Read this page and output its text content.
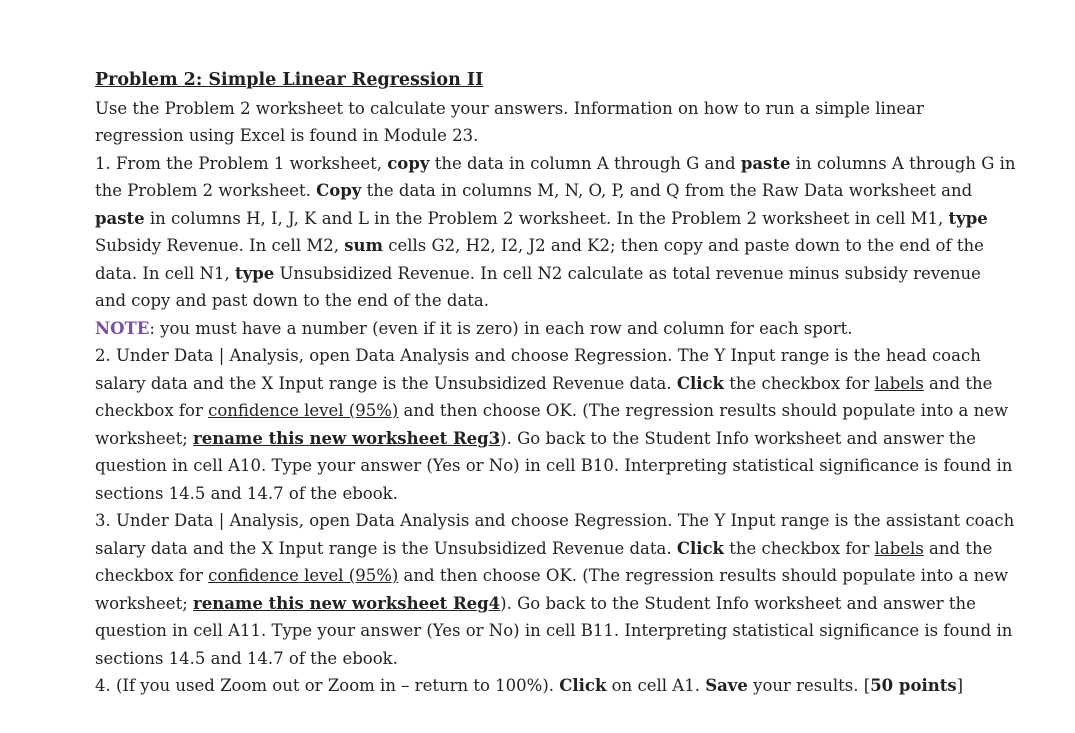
Problem 2: Simple Linear Regression II

Use the Problem 2 worksheet to calculate your answers. Information on how to run a simple linear regression using Excel is found in Module 23.

1. From the Problem 1 worksheet, copy the data in column A through G and paste in columns A through G in the Problem 2 worksheet. Copy the data in columns M, N, O, P, and Q from the Raw Data worksheet and paste in columns H, I, J, K and L in the Problem 2 worksheet. In the Problem 2 worksheet in cell M1, type Subsidy Revenue. In cell M2, sum cells G2, H2, I2, J2 and K2; then copy and paste down to the end of the data. In cell N1, type Unsubsidized Revenue. In cell N2 calculate as total revenue minus subsidy revenue and copy and past down to the end of the data.

NOTE: you must have a number (even if it is zero) in each row and column for each sport.

2. Under Data | Analysis, open Data Analysis and choose Regression. The Y Input range is the head coach salary data and the X Input range is the Unsubsidized Revenue data. Click the checkbox for labels and the checkbox for confidence level (95%) and then choose OK. (The regression results should populate into a new worksheet; rename this new worksheet Reg3). Go back to the Student Info worksheet and answer the question in cell A10. Type your answer (Yes or No) in cell B10. Interpreting statistical significance is found in sections 14.5 and 14.7 of the ebook.

3. Under Data | Analysis, open Data Analysis and choose Regression. The Y Input range is the assistant coach salary data and the X Input range is the Unsubsidized Revenue data. Click the checkbox for labels and the checkbox for confidence level (95%) and then choose OK. (The regression results should populate into a new worksheet; rename this new worksheet Reg4). Go back to the Student Info worksheet and answer the question in cell A11. Type your answer (Yes or No) in cell B11. Interpreting statistical significance is found in sections 14.5 and 14.7 of the ebook.

4. (If you used Zoom out or Zoom in – return to 100%). Click on cell A1. Save your results. [50 points]
